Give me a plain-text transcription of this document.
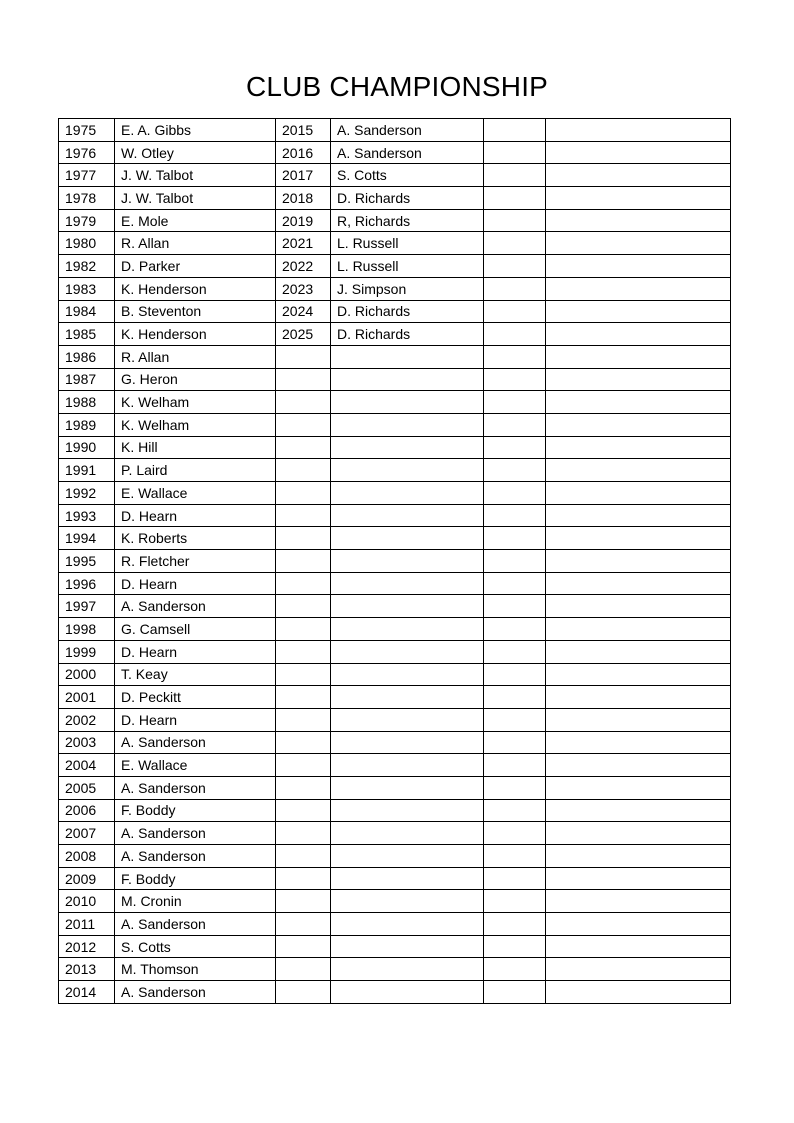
CLUB CHAMPIONSHIP
1975	E. A. Gibbs	2015	A. Sanderson		
1976	W. Otley	2016	A. Sanderson		
1977	J. W. Talbot	2017	S. Cotts		
1978	J. W. Talbot	2018	D. Richards		
1979	E. Mole	2019	R, Richards		
1980	R. Allan	2021	L. Russell		
1982	D. Parker	2022	L. Russell		
1983	K. Henderson	2023	J. Simpson		
1984	B. Steventon	2024	D. Richards		
1985	K. Henderson	2025	D. Richards		
1986	R. Allan				
1987	G. Heron				
1988	K. Welham				
1989	K. Welham				
1990	K. Hill				
1991	P. Laird				
1992	E. Wallace				
1993	D. Hearn				
1994	K. Roberts				
1995	R. Fletcher				
1996	D. Hearn				
1997	A. Sanderson				
1998	G. Camsell				
1999	D. Hearn				
2000	T. Keay				
2001	D. Peckitt				
2002	D. Hearn				
2003	A. Sanderson				
2004	E. Wallace				
2005	A. Sanderson				
2006	F. Boddy				
2007	A. Sanderson				
2008	A. Sanderson				
2009	F. Boddy				
2010	M. Cronin				
2011	A. Sanderson				
2012	S. Cotts				
2013	M. Thomson				
2014	A. Sanderson				
